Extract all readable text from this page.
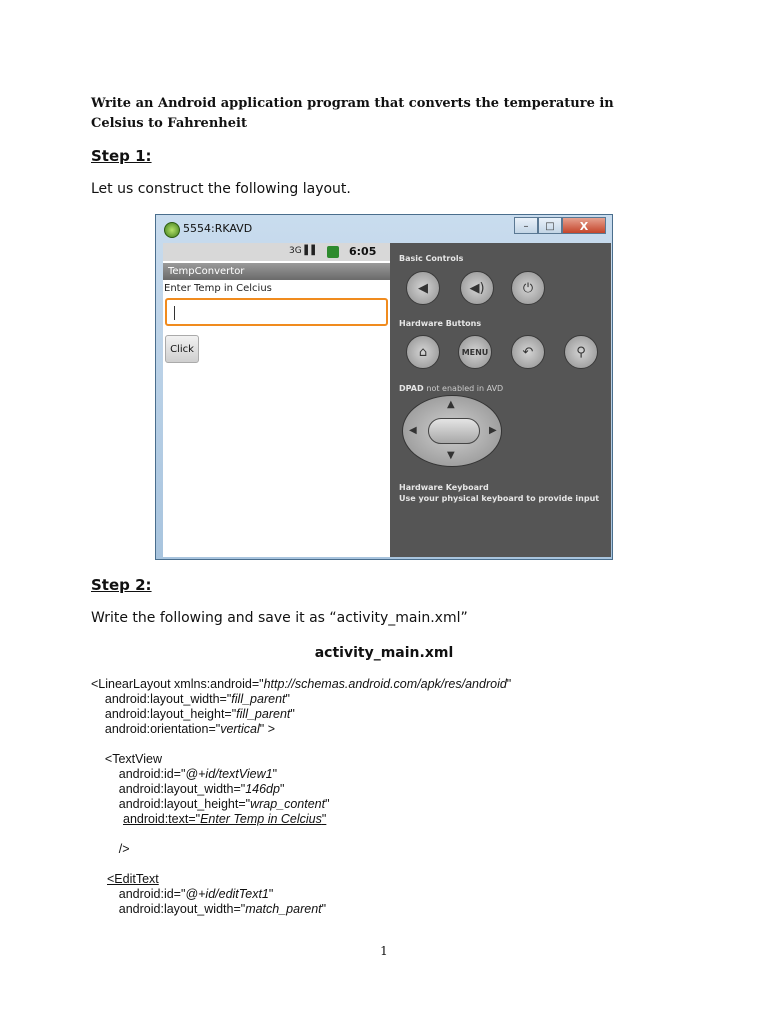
Write an Android application program that converts the temperature in Celsius to Fahrenheit
Step 1:
Let us construct the following layout.
5554:RKAVD	–	□	X
3G ▌▌	6:05
TempConvertor
Enter Temp in Celcius
Click
Basic Controls
◀	◀)	⏻
Hardware Buttons
⌂	MENU	↶	⚲
DPAD not enabled in AVD
▲
▼
◀	▶
Hardware Keyboard
Use your physical keyboard to provide input
Step 2:
Write the following and save it as “activity_main.xml”
activity_main.xml
<LinearLayout xmlns:android="http://schemas.android.com/apk/res/android"
android:layout_width="fill_parent"
android:layout_height="fill_parent"
android:orientation="vertical" >
<TextView
android:id="@+id/textView1"
android:layout_width="146dp"
android:layout_height="wrap_content"
android:text="Enter Temp in Celcius"
/>
<EditText
android:id="@+id/editText1"
android:layout_width="match_parent"
1
